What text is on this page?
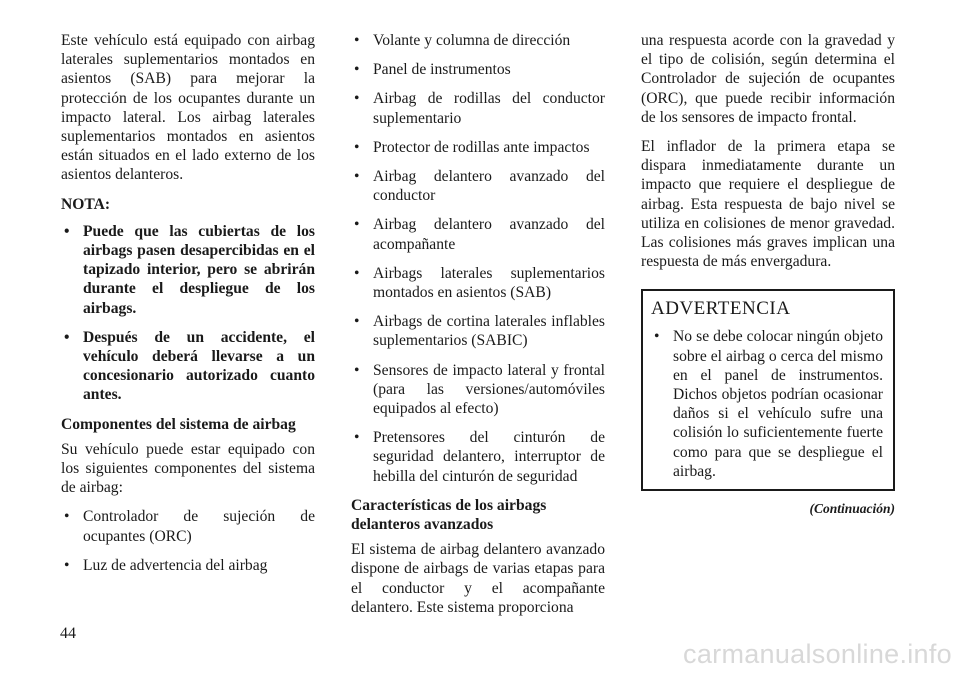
Este vehículo está equipado con airbag laterales suplementarios montados en asientos (SAB) para mejorar la protección de los ocupantes durante un impacto lateral. Los airbag laterales suplementarios montados en asientos están situados en el lado externo de los asientos delanteros.

NOTA:

• Puede que las cubiertas de los airbags pasen desapercibidas en el tapizado interior, pero se abrirán durante el despliegue de los airbags.
• Después de un accidente, el vehículo deberá llevarse a un concesionario autorizado cuanto antes.

Componentes del sistema de airbag

Su vehículo puede estar equipado con los siguientes componentes del sistema de airbag:

• Controlador de sujeción de ocupantes (ORC)
• Luz de advertencia del airbag
• Volante y columna de dirección
• Panel de instrumentos
• Airbag de rodillas del conductor suplementario
• Protector de rodillas ante impactos
• Airbag delantero avanzado del conductor
• Airbag delantero avanzado del acompañante
• Airbags laterales suplementarios montados en asientos (SAB)
• Airbags de cortina laterales inflables suplementarios (SABIC)
• Sensores de impacto lateral y frontal (para las versiones/automóviles equipados al efecto)
• Pretensores del cinturón de seguridad delantero, interruptor de hebilla del cinturón de seguridad

Características de los airbags delanteros avanzados

El sistema de airbag delantero avanzado dispone de airbags de varias etapas para el conductor y el acompañante delantero. Este sistema proporciona

una respuesta acorde con la gravedad y el tipo de colisión, según determina el Controlador de sujeción de ocupantes (ORC), que puede recibir información de los sensores de impacto frontal.

El inflador de la primera etapa se dispara inmediatamente durante un impacto que requiere el despliegue de airbag. Esta respuesta de bajo nivel se utiliza en colisiones de menor gravedad. Las colisiones más graves implican una respuesta de más envergadura.

ADVERTENCIA
• No se debe colocar ningún objeto sobre el airbag o cerca del mismo en el panel de instrumentos. Dichos objetos podrían ocasionar daños si el vehículo sufre una colisión lo suficientemente fuerte como para que se despliegue el airbag.
(Continuación)
44
carmanualsonline.info
